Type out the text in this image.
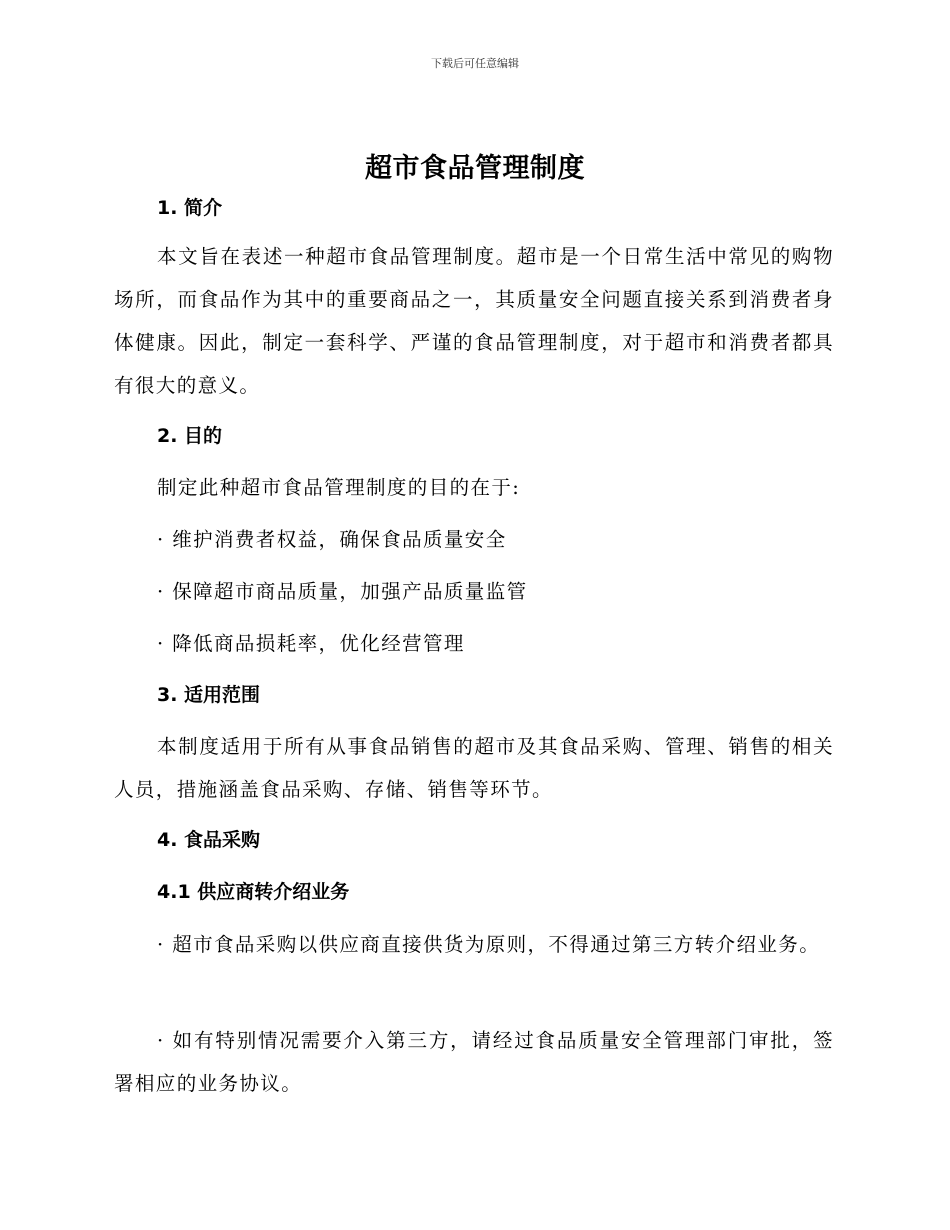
下载后可任意编辑
超市食品管理制度
1. 简介
本文旨在表述一种超市食品管理制度。超市是一个日常生活中常见的购物场所，而食品作为其中的重要商品之一，其质量安全问题直接关系到消费者身体健康。因此，制定一套科学、严谨的食品管理制度，对于超市和消费者都具有很大的意义。
2. 目的
制定此种超市食品管理制度的目的在于:
· 维护消费者权益，确保食品质量安全
· 保障超市商品质量，加强产品质量监管
· 降低商品损耗率，优化经营管理
3. 适用范围
本制度适用于所有从事食品销售的超市及其食品采购、管理、销售的相关人员，措施涵盖食品采购、存储、销售等环节。
4. 食品采购
4.1 供应商转介绍业务
· 超市食品采购以供应商直接供货为原则，不得通过第三方转介绍业务。
· 如有特别情况需要介入第三方，请经过食品质量安全管理部门审批，签署相应的业务协议。
